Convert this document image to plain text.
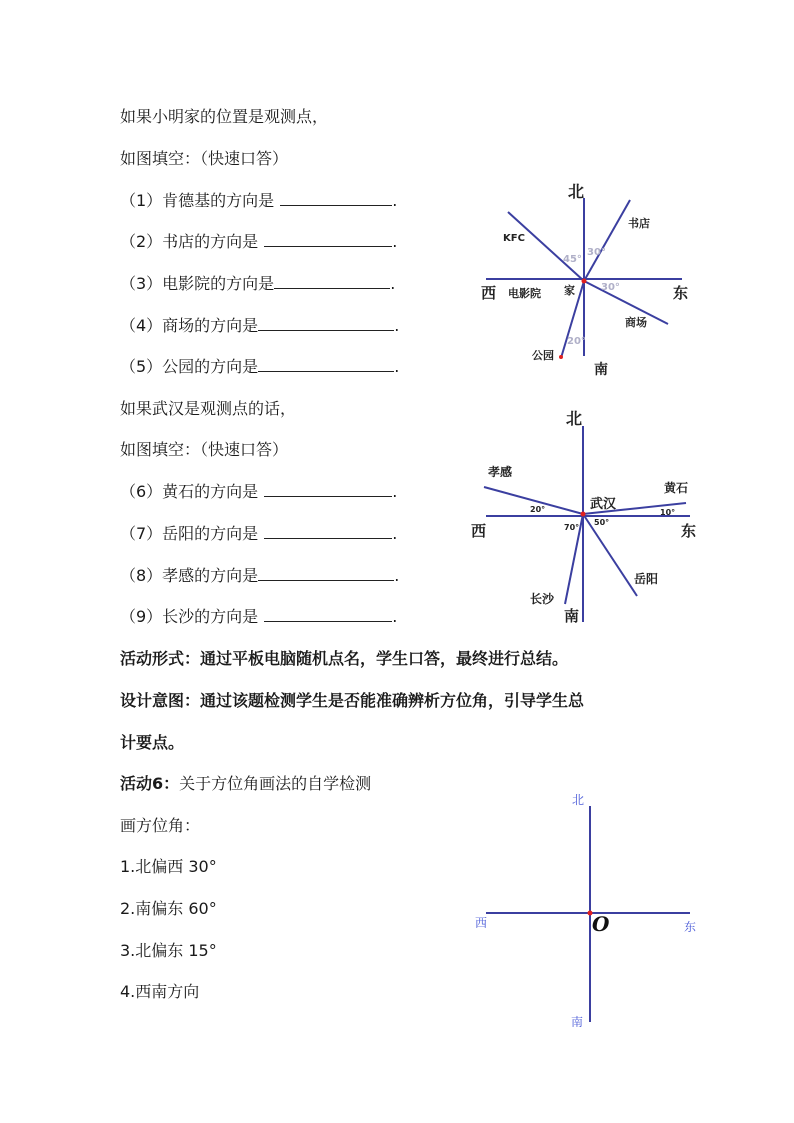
如果小明家的位置是观测点，
如图填空：（快速口答）
（1）肯德基的方向是	.
（2）书店的方向是	.
（3）电影院的方向是	.
（4）商场的方向是	.
（5）公园的方向是	.
如果武汉是观测点的话，
如图填空：（快速口答）
（6）黄石的方向是	.
（7）岳阳的方向是	.
（8）孝感的方向是	.
（9）长沙的方向是	.
活动形式：通过平板电脑随机点名，学生口答，最终进行总结。
设计意图：通过该题检测学生是否能准确辨析方位角，引导学生总
计要点。
活动6：关于方位角画法的自学检测
画方位角：
1.北偏西 30°
2.南偏东 60°
3.北偏东 15°
4.西南方向
北
南
西	东
家
KFC
书店
电影院
商场
公园
45°
30°
30°
20°
北
南
西	东
武汉
孝感
黄石
岳阳
长沙
20°	10°
50°
70°
北
南
西	东
O
